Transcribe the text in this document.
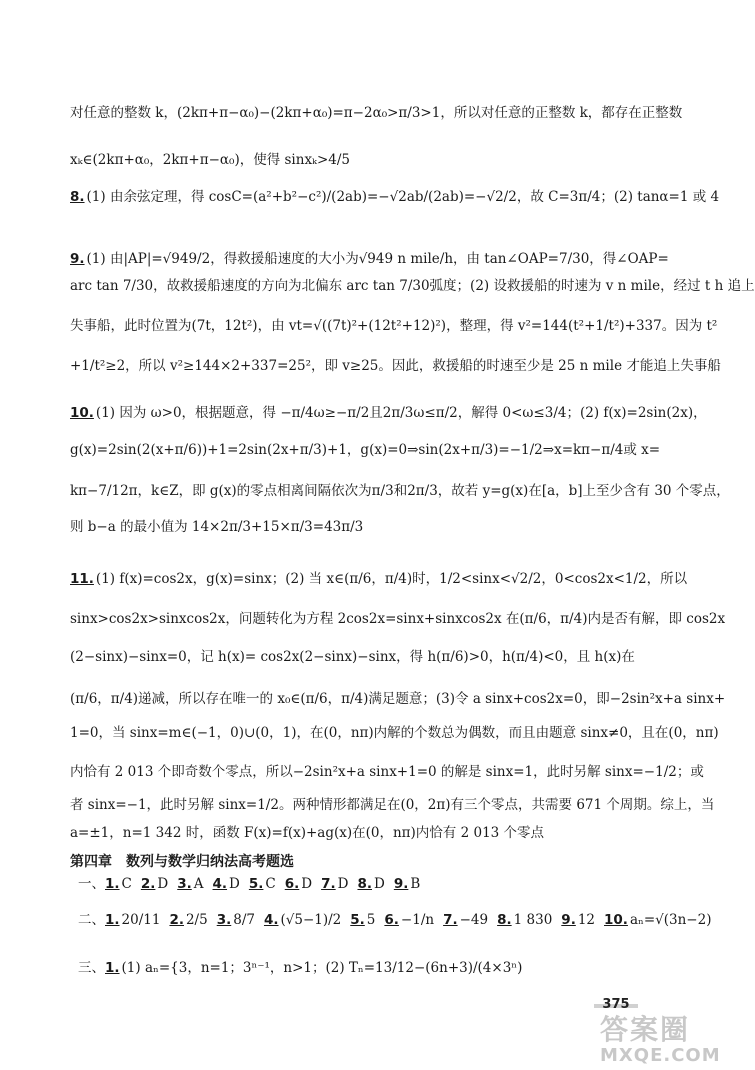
对任意的整数 k，(2kπ+π−α₀)−(2kπ+α₀)=π−2α₀>π/3>1，所以对任意的正整数 k，都存在正整数
xₖ∈(2kπ+α₀，2kπ+π−α₀)，使得 sinxₖ>4/5
8. (1) 由余弦定理，得 cosC=(a²+b²−c²)/(2ab)=−√2ab/(2ab)=−√2/2，故 C=3π/4；(2) tanα=1 或 4
9. (1) 由|AP|=√949/2，得救援船速度的大小为√949 n mile/h，由 tan∠OAP=7/30，得∠OAP=
arc tan 7/30，故救援船速度的方向为北偏东 arc tan 7/30弧度；(2) 设救援船的时速为 v n mile，经过 t h 追上
失事船，此时位置为(7t，12t²)，由 vt=√((7t)²+(12t²+12)²)，整理，得 v²=144(t²+1/t²)+337。因为 t²
+1/t²≥2，所以 v²≥144×2+337=25²，即 v≥25。因此，救援船的时速至少是 25 n mile 才能追上失事船
10. (1) 因为 ω>0，根据题意，得 −π/4ω≥−π/2且2π/3ω≤π/2，解得 0<ω≤3/4；(2) f(x)=2sin(2x)，
g(x)=2sin(2(x+π/6))+1=2sin(2x+π/3)+1，g(x)=0⇒sin(2x+π/3)=−1/2⇒x=kπ−π/4或 x=
kπ−7/12π，k∈Z，即 g(x)的零点相离间隔依次为π/3和2π/3，故若 y=g(x)在[a，b]上至少含有 30 个零点，
则 b−a 的最小值为 14×2π/3+15×π/3=43π/3
11. (1) f(x)=cos2x，g(x)=sinx；(2) 当 x∈(π/6，π/4)时，1/2<sinx<√2/2，0<cos2x<1/2，所以
sinx>cos2x>sinxcos2x，问题转化为方程 2cos2x=sinx+sinxcos2x 在(π/6，π/4)内是否有解，即 cos2x
(2−sinx)−sinx=0，记 h(x)= cos2x(2−sinx)−sinx，得 h(π/6)>0，h(π/4)<0，且 h(x)在
(π/6，π/4)递减，所以存在唯一的 x₀∈(π/6，π/4)满足题意；(3)令 a sinx+cos2x=0，即−2sin²x+a sinx+
1=0，当 sinx=m∈(−1，0)∪(0，1)，在(0，nπ)内解的个数总为偶数，而且由题意 sinx≠0，且在(0，nπ)
内恰有 2 013 个即奇数个零点，所以−2sin²x+a sinx+1=0 的解是 sinx=1，此时另解 sinx=−1/2；或
者 sinx=−1，此时另解 sinx=1/2。两种情形都满足在(0，2π)有三个零点，共需要 671 个周期。综上，当
a=±1，n=1 342 时，函数 F(x)=f(x)+ag(x)在(0，nπ)内恰有 2 013 个零点
第四章　数列与数学归纳法高考题选
一、1. C 2. D 3. A 4. D 5. C 6. D 7. D 8. D 9. B
二、1. 20/11 2. 2/5 3. 8/7 4. (√5−1)/2 5. 5 6. −1/n 7. −49 8. 1 830 9. 12 10. aₙ=√(3n−2)
三、1. (1) aₙ={3，n=1；3ⁿ⁻¹，n>1；(2) Tₙ=13/12−(6n+3)/(4×3ⁿ)
375
答案圈
MXQE.COM
